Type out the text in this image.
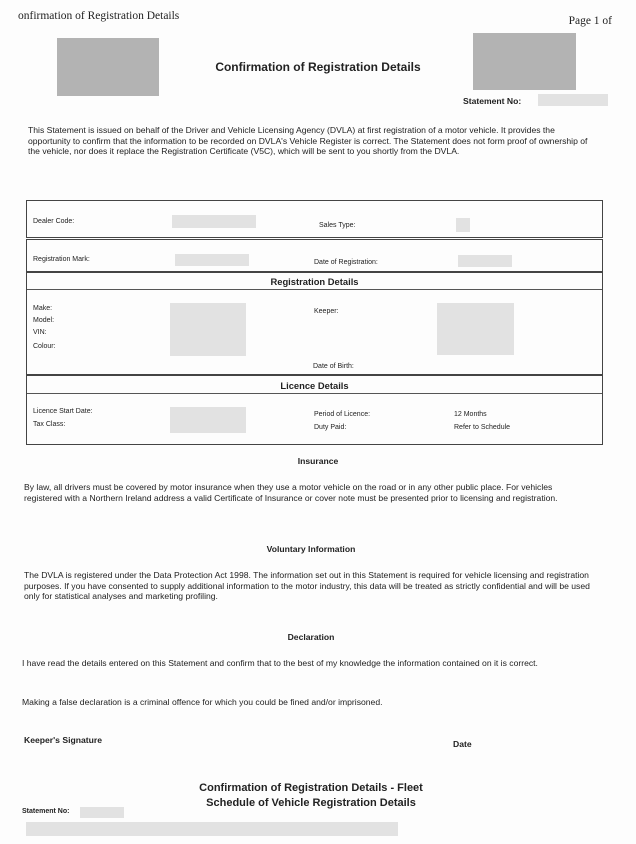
onfirmation of Registration Details	Page 1 of
Confirmation of Registration Details
Statement No:
This Statement is issued on behalf of the Driver and Vehicle Licensing Agency (DVLA) at first registration of a motor vehicle. It provides the opportunity to confirm that the information to be recorded on DVLA's Vehicle Register is correct. The Statement does not form proof of ownership of the vehicle, nor does it replace the Registration Certificate (V5C), which will be sent to you shortly from the DVLA.
Dealer Code:
Sales Type:
Registration Mark:	Date of Registration:
Registration Details
Make:
Model:
VIN:
Colour:
Keeper:
Date of Birth:
Licence Details
Licence Start Date:
Tax Class:
Period of Licence:	12 Months
Duty Paid:	Refer to Schedule
Insurance
By law, all drivers must be covered by motor insurance when they use a motor vehicle on the road or in any other public place. For vehicles registered with a Northern Ireland address a valid Certificate of Insurance or cover note must be presented prior to licensing and registration.
Voluntary Information
The DVLA is registered under the Data Protection Act 1998. The information set out in this Statement is required for vehicle licensing and registration purposes. If you have consented to supply additional information to the motor industry, this data will be treated as strictly confidential and will be used only for statistical analyses and marketing profiling.
Declaration
I have read the details entered on this Statement and confirm that to the best of my knowledge the information contained on it is correct.
Making a false declaration is a criminal offence for which you could be fined and/or imprisoned.
Keeper's Signature	Date
Confirmation of Registration Details - Fleet
Schedule of Vehicle Registration Details
Statement No:
